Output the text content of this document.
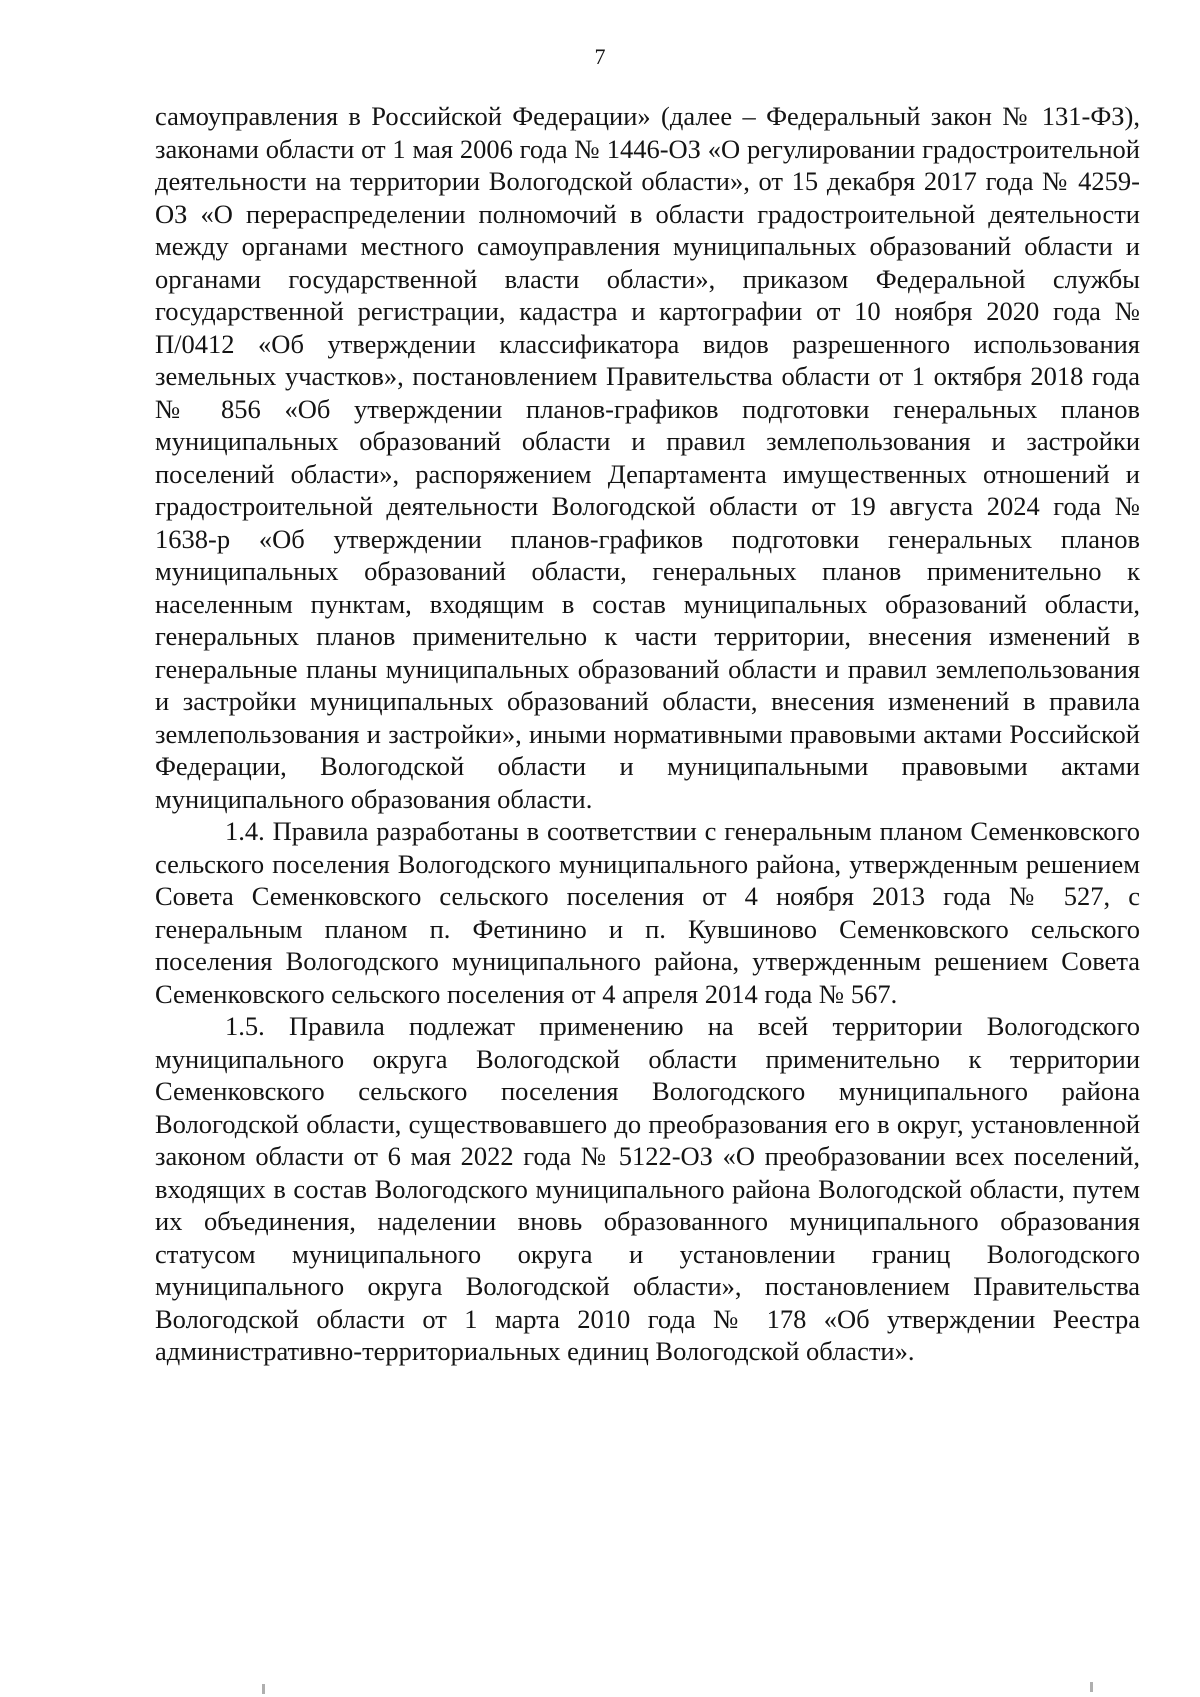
7

самоуправления в Российской Федерации» (далее – Федеральный закон № 131-ФЗ), законами области от 1 мая 2006 года № 1446-ОЗ «О регулировании градостроительной деятельности на территории Вологодской области», от 15 декабря 2017 года № 4259-ОЗ «О перераспределении полномочий в области градостроительной деятельности между органами местного самоуправления муниципальных образований области и органами государственной власти области», приказом Федеральной службы государственной регистрации, кадастра и картографии от 10 ноября 2020 года № П/0412 «Об утверждении классификатора видов разрешенного использования земельных участков», постановлением Правительства области от 1 октября 2018 года № 856 «Об утверждении планов-графиков подготовки генеральных планов муниципальных образований области и правил землепользования и застройки поселений области», распоряжением Департамента имущественных отношений и градостроительной деятельности Вологодской области от 19 августа 2024 года № 1638-р «Об утверждении планов-графиков подготовки генеральных планов муниципальных образований области, генеральных планов применительно к населенным пунктам, входящим в состав муниципальных образований области, генеральных планов применительно к части территории, внесения изменений в генеральные планы муниципальных образований области и правил землепользования и застройки муниципальных образований области, внесения изменений в правила землепользования и застройки», иными нормативными правовыми актами Российской Федерации, Вологодской области и муниципальными правовыми актами муниципального образования области.

1.4. Правила разработаны в соответствии с генеральным планом Семенковского сельского поселения Вологодского муниципального района, утвержденным решением Совета Семенковского сельского поселения от 4 ноября 2013 года № 527, с генеральным планом п. Фетинино и п. Кувшиново Семенковского сельского поселения Вологодского муниципального района, утвержденным решением Совета Семенковского сельского поселения от 4 апреля 2014 года № 567.

1.5. Правила подлежат применению на всей территории Вологодского муниципального округа Вологодской области применительно к территории Семенковского сельского поселения Вологодского муниципального района Вологодской области, существовавшего до преобразования его в округ, установленной законом области от 6 мая 2022 года № 5122-ОЗ «О преобразовании всех поселений, входящих в состав Вологодского муниципального района Вологодской области, путем их объединения, наделении вновь образованного муниципального образования статусом муниципального округа и установлении границ Вологодского муниципального округа Вологодской области», постановлением Правительства Вологодской области от 1 марта 2010 года № 178 «Об утверждении Реестра административно-территориальных единиц Вологодской области».
